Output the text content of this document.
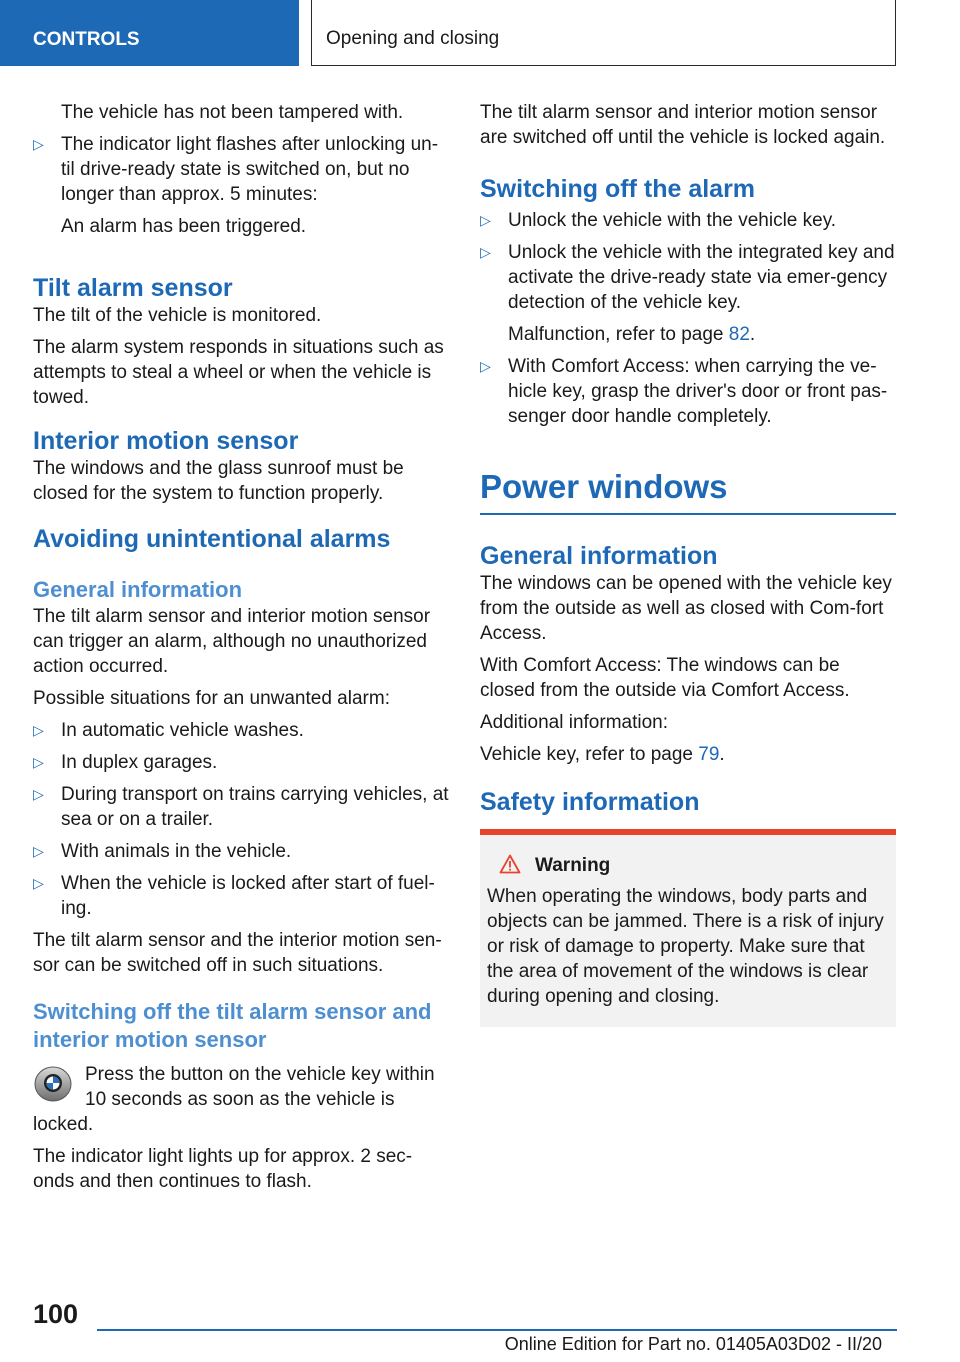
CONTROLS	Opening and closing

The vehicle has not been tampered with.

▷ The indicator light flashes after unlocking un-til drive-ready state is switched on, but no longer than approx. 5 minutes:

An alarm has been triggered.

Tilt alarm sensor

The tilt of the vehicle is monitored.

The alarm system responds in situations such as attempts to steal a wheel or when the vehicle is towed.

Interior motion sensor

The windows and the glass sunroof must be closed for the system to function properly.

Avoiding unintentional alarms
General information

The tilt alarm sensor and interior motion sensor can trigger an alarm, although no unauthorized action occurred.

Possible situations for an unwanted alarm:

▷ In automatic vehicle washes.
▷ In duplex garages.
▷ During transport on trains carrying vehicles, at sea or on a trailer.
▷ With animals in the vehicle.
▷ When the vehicle is locked after start of fuel-ing.

The tilt alarm sensor and the interior motion sen-sor can be switched off in such situations.

Switching off the tilt alarm sensor and interior motion sensor

Press the button on the vehicle key within 10 seconds as soon as the vehicle is locked.

The indicator light lights up for approx. 2 sec-onds and then continues to flash.

The tilt alarm sensor and interior motion sensor are switched off until the vehicle is locked again.

Switching off the alarm
▷ Unlock the vehicle with the vehicle key.
▷ Unlock the vehicle with the integrated key and activate the drive-ready state via emer-gency detection of the vehicle key.

Malfunction, refer to page 82.

▷ With Comfort Access: when carrying the ve-hicle key, grasp the driver's door or front pas-senger door handle completely.
Power windows
General information

The windows can be opened with the vehicle key from the outside as well as closed with Com-fort Access.

With Comfort Access: The windows can be closed from the outside via Comfort Access.

Additional information:

Vehicle key, refer to page 79.

Safety information
Warning

When operating the windows, body parts and objects can be jammed. There is a risk of injury or risk of damage to property. Make sure that the area of movement of the windows is clear during opening and closing.

100
Online Edition for Part no. 01405A03D02 - II/20
